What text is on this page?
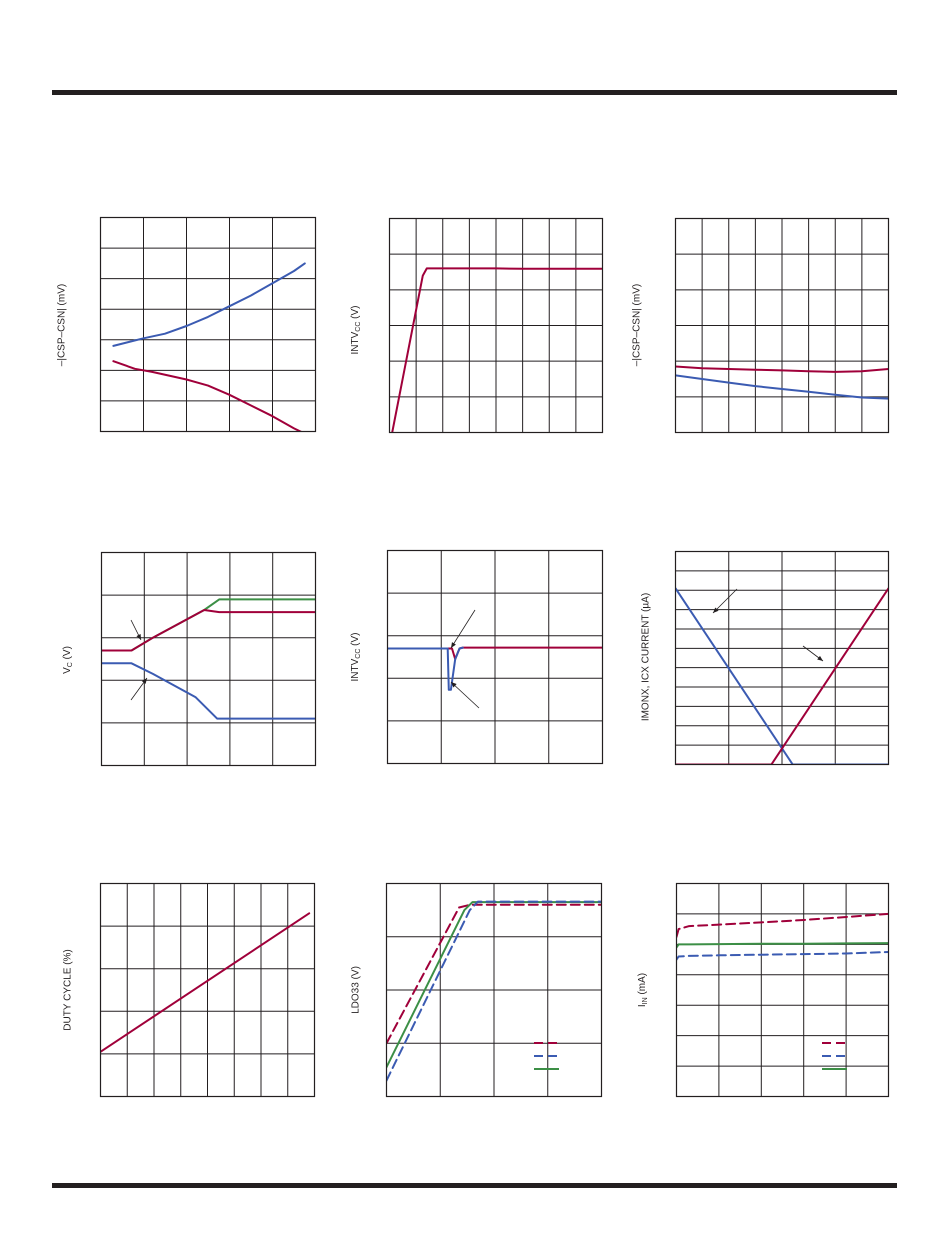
–|CSP–CSN| (mV)	$INTV_{CC}$ (V)	–|CSP–CSN| (mV)
$V_C$ (V)
$INTV_{CC}$ (V)	IMONX, ICX CURRENT (µA)
DUTY CYCLE (%)	LDO33 (V)	$I_{IN}$ (mA)
